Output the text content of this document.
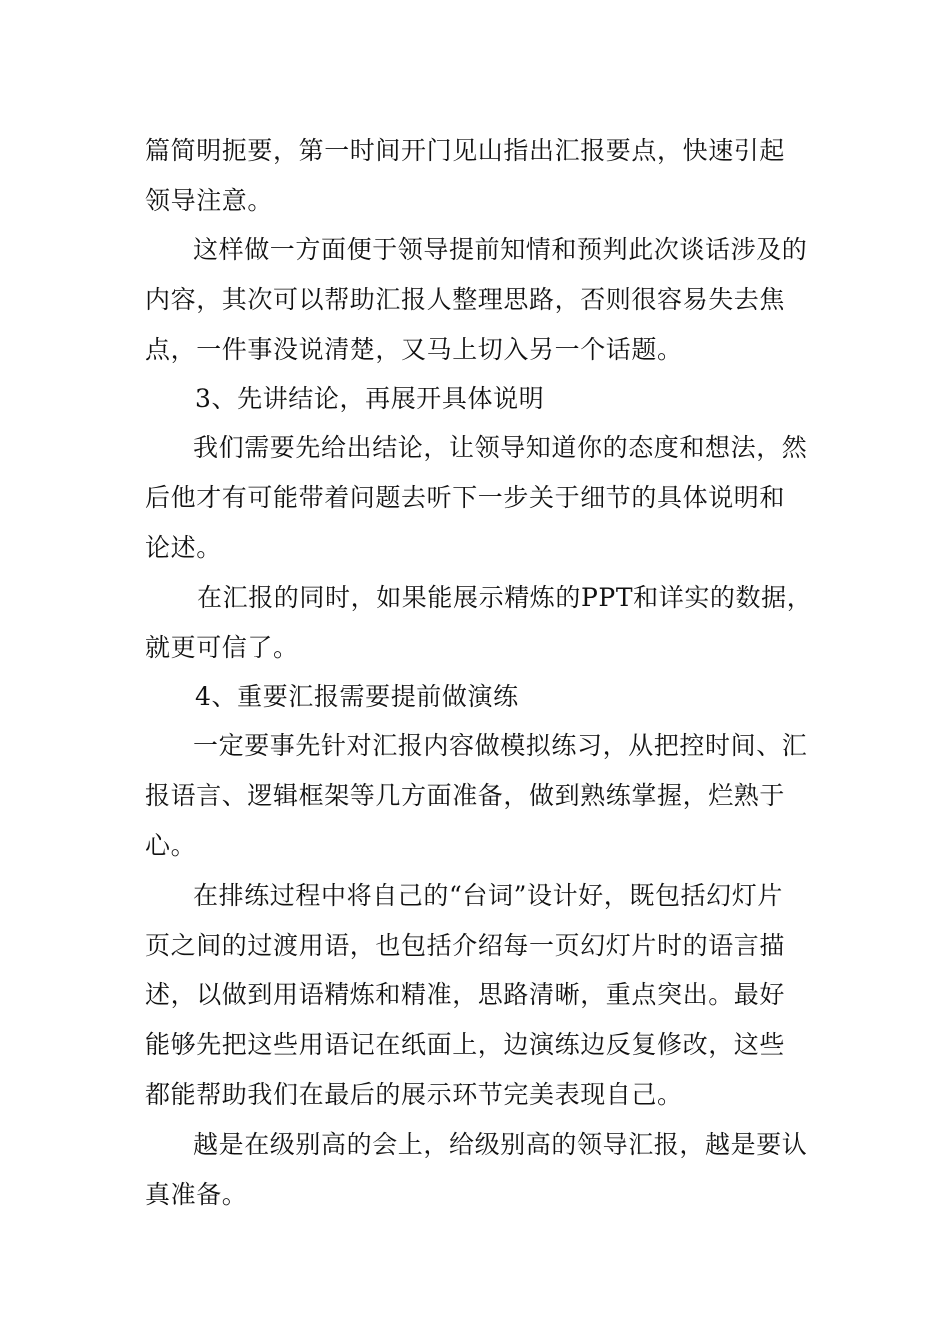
篇简明扼要，第一时间开门见山指出汇报要点，快速引起
领导注意。
这样做一方面便于领导提前知情和预判此次谈话涉及的
内容，其次可以帮助汇报人整理思路，否则很容易失去焦
点，一件事没说清楚，又马上切入另一个话题。
3、先讲结论，再展开具体说明
我们需要先给出结论，让领导知道你的态度和想法，然
后他才有可能带着问题去听下一步关于细节的具体说明和
论述。
在汇报的同时，如果能展示精炼的PPT和详实的数据，
就更可信了。
4、重要汇报需要提前做演练
一定要事先针对汇报内容做模拟练习，从把控时间、汇
报语言、逻辑框架等几方面准备，做到熟练掌握，烂熟于
心。
在排练过程中将自己的“台词”设计好，既包括幻灯片
页之间的过渡用语，也包括介绍每一页幻灯片时的语言描
述，以做到用语精炼和精准，思路清晰，重点突出。最好
能够先把这些用语记在纸面上，边演练边反复修改，这些
都能帮助我们在最后的展示环节完美表现自己。
越是在级别高的会上，给级别高的领导汇报，越是要认
真准备。
